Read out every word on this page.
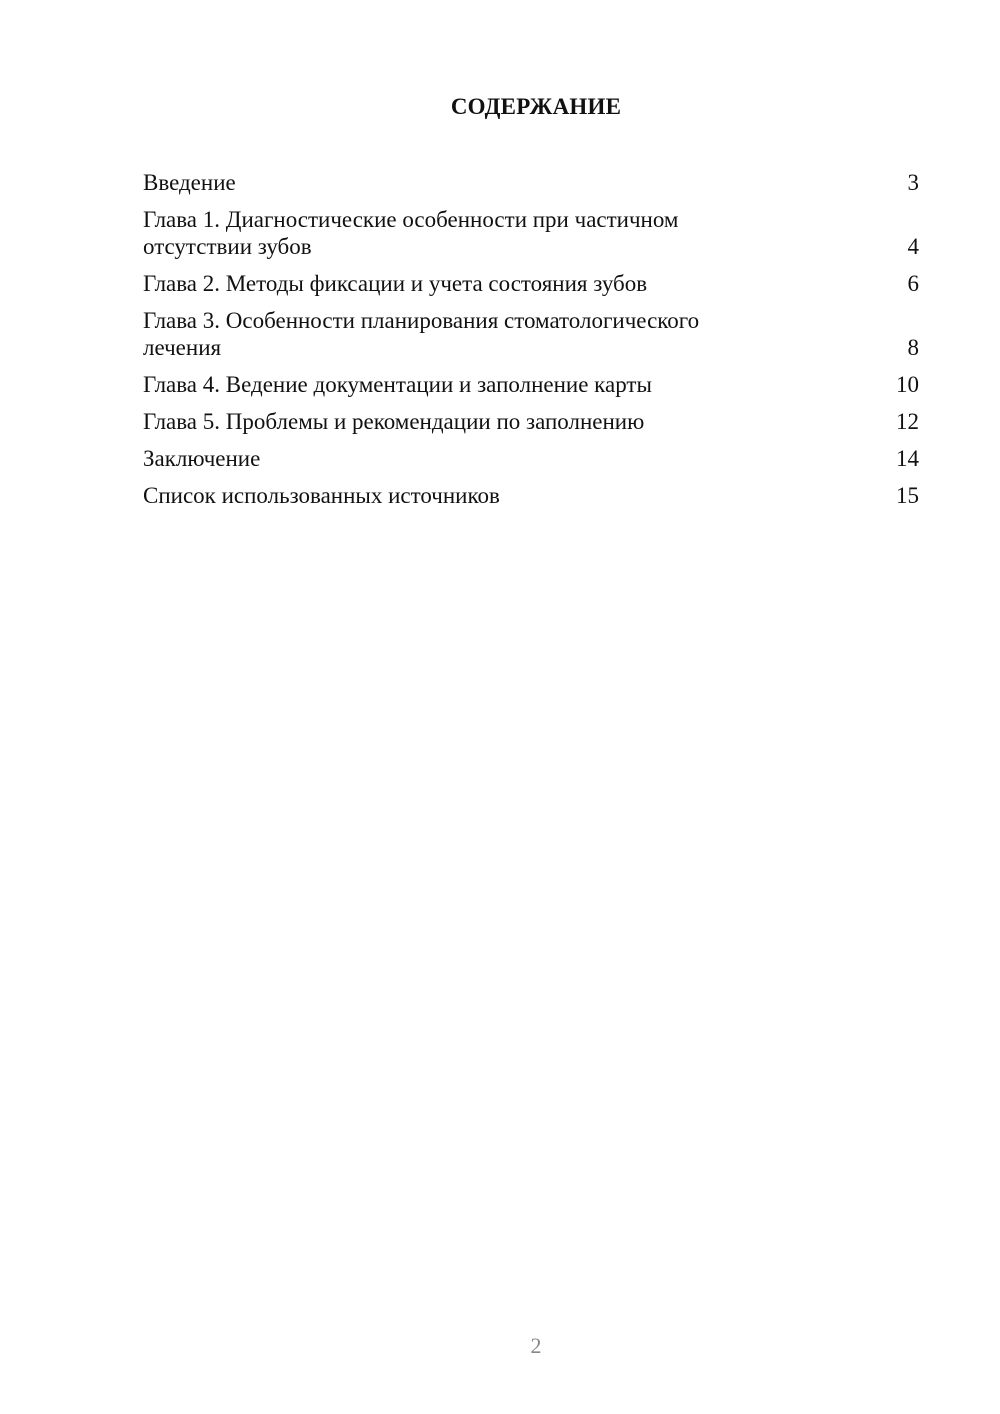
СОДЕРЖАНИЕ
Введение	3
Глава 1. Диагностические особенности при частичном отсутствии зубов	4
Глава 2. Методы фиксации и учета состояния зубов	6
Глава 3. Особенности планирования стоматологического лечения	8
Глава 4. Ведение документации и заполнение карты	10
Глава 5. Проблемы и рекомендации по заполнению	12
Заключение	14
Список использованных источников	15
2
